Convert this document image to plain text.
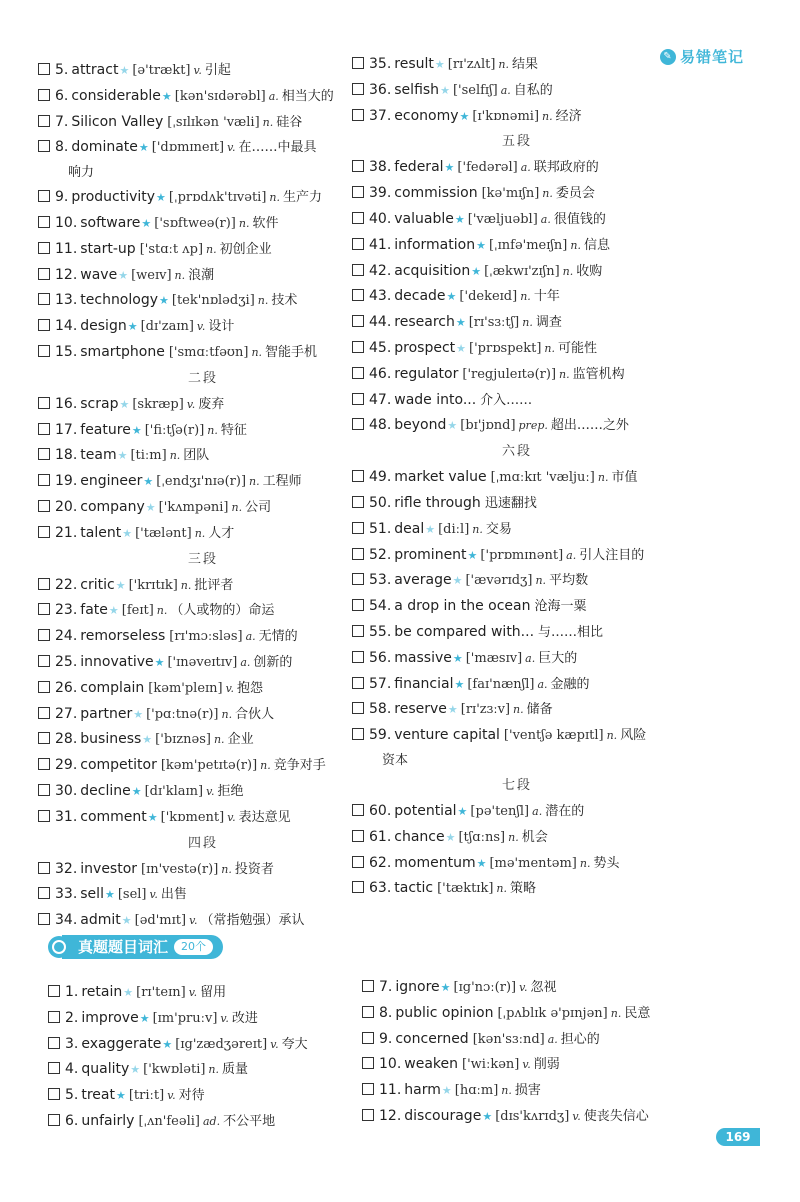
✎ 易错笔记
5. attract ★ [ə'trækt] v. 引起
6. considerable ★ [kən'sɪdərəbl] a. 相当大的
7. Silicon Valley [ˌsɪlɪkən 'væli] n. 硅谷
8. dominate ★ ['dɒmɪneɪt] v. 在……中最具
响力
9. productivity ★ [ˌprɒdʌk'tɪvəti] n. 生产力
10. software ★ ['sɒftweə(r)] n. 软件
11. start-up ['stɑːt ʌp] n. 初创企业
12. wave ★ [weɪv] n. 浪潮
13. technology ★ [tek'nɒlədʒi] n. 技术
14. design ★ [dɪ'zaɪn] v. 设计
15. smartphone ['smɑːtfəʊn] n. 智能手机
二段
16. scrap ★ [skræp] v. 废弃
17. feature ★ ['fiːtʃə(r)] n. 特征
18. team ★ [tiːm] n. 团队
19. engineer ★ [ˌendʒɪ'nɪə(r)] n. 工程师
20. company ★ ['kʌmpəni] n. 公司
21. talent ★ ['tælənt] n. 人才
三段
22. critic ★ ['krɪtɪk] n. 批评者
23. fate ★ [feɪt] n. （人或物的）命运
24. remorseless [rɪ'mɔːsləs] a. 无情的
25. innovative ★ ['ɪnəveɪtɪv] a. 创新的
26. complain [kəm'pleɪn] v. 抱怨
27. partner ★ ['pɑːtnə(r)] n. 合伙人
28. business ★ ['bɪznəs] n. 企业
29. competitor [kəm'petɪtə(r)] n. 竞争对手
30. decline ★ [dɪ'klaɪn] v. 拒绝
31. comment ★ ['kɒment] v. 表达意见
四段
32. investor [ɪn'vestə(r)] n. 投资者
33. sell ★ [sel] v. 出售
34. admit ★ [əd'mɪt] v. （常指勉强）承认
35. result ★ [rɪ'zʌlt] n. 结果
36. selfish ★ ['selfɪʃ] a. 自私的
37. economy ★ [ɪ'kɒnəmi] n. 经济
五段
38. federal ★ ['fedərəl] a. 联邦政府的
39. commission [kə'mɪʃn] n. 委员会
40. valuable ★ ['væljuəbl] a. 很值钱的
41. information ★ [ˌɪnfə'meɪʃn] n. 信息
42. acquisition ★ [ˌækwɪ'zɪʃn] n. 收购
43. decade ★ ['dekeɪd] n. 十年
44. research ★ [rɪ'sɜːtʃ] n. 调查
45. prospect ★ ['prɒspekt] n. 可能性
46. regulator ['regjuleɪtə(r)] n. 监管机构
47. wade into... 介入……
48. beyond ★ [bɪ'jɒnd] prep. 超出……之外
六段
49. market value [ˌmɑːkɪt 'væljuː] n. 市值
50. rifle through 迅速翻找
51. deal ★ [diːl] n. 交易
52. prominent ★ ['prɒmɪnənt] a. 引人注目的
53. average ★ ['ævərɪdʒ] n. 平均数
54. a drop in the ocean 沧海一粟
55. be compared with... 与……相比
56. massive ★ ['mæsɪv] a. 巨大的
57. financial ★ [faɪ'nænʃl] a. 金融的
58. reserve ★ [rɪ'zɜːv] n. 储备
59. venture capital ['ventʃə kæpɪtl] n. 风险
资本
七段
60. potential ★ [pə'tenʃl] a. 潜在的
61. chance ★ [tʃɑːns] n. 机会
62. momentum ★ [mə'mentəm] n. 势头
63. tactic ['tæktɪk] n. 策略
真题题目词汇	20个
1. retain ★ [rɪ'teɪn] v. 留用
2. improve ★ [ɪm'pruːv] v. 改进
3. exaggerate ★ [ɪg'zædʒəreɪt] v. 夸大
4. quality ★ ['kwɒləti] n. 质量
5. treat ★ [triːt] v. 对待
6. unfairly [ˌʌn'feəli] ad. 不公平地
7. ignore ★ [ɪg'nɔː(r)] v. 忽视
8. public opinion [ˌpʌblɪk ə'pɪnjən] n. 民意
9. concerned [kən'sɜːnd] a. 担心的
10. weaken ['wiːkən] v. 削弱
11. harm ★ [hɑːm] n. 损害
12. discourage ★ [dɪs'kʌrɪdʒ] v. 使丧失信心
169
